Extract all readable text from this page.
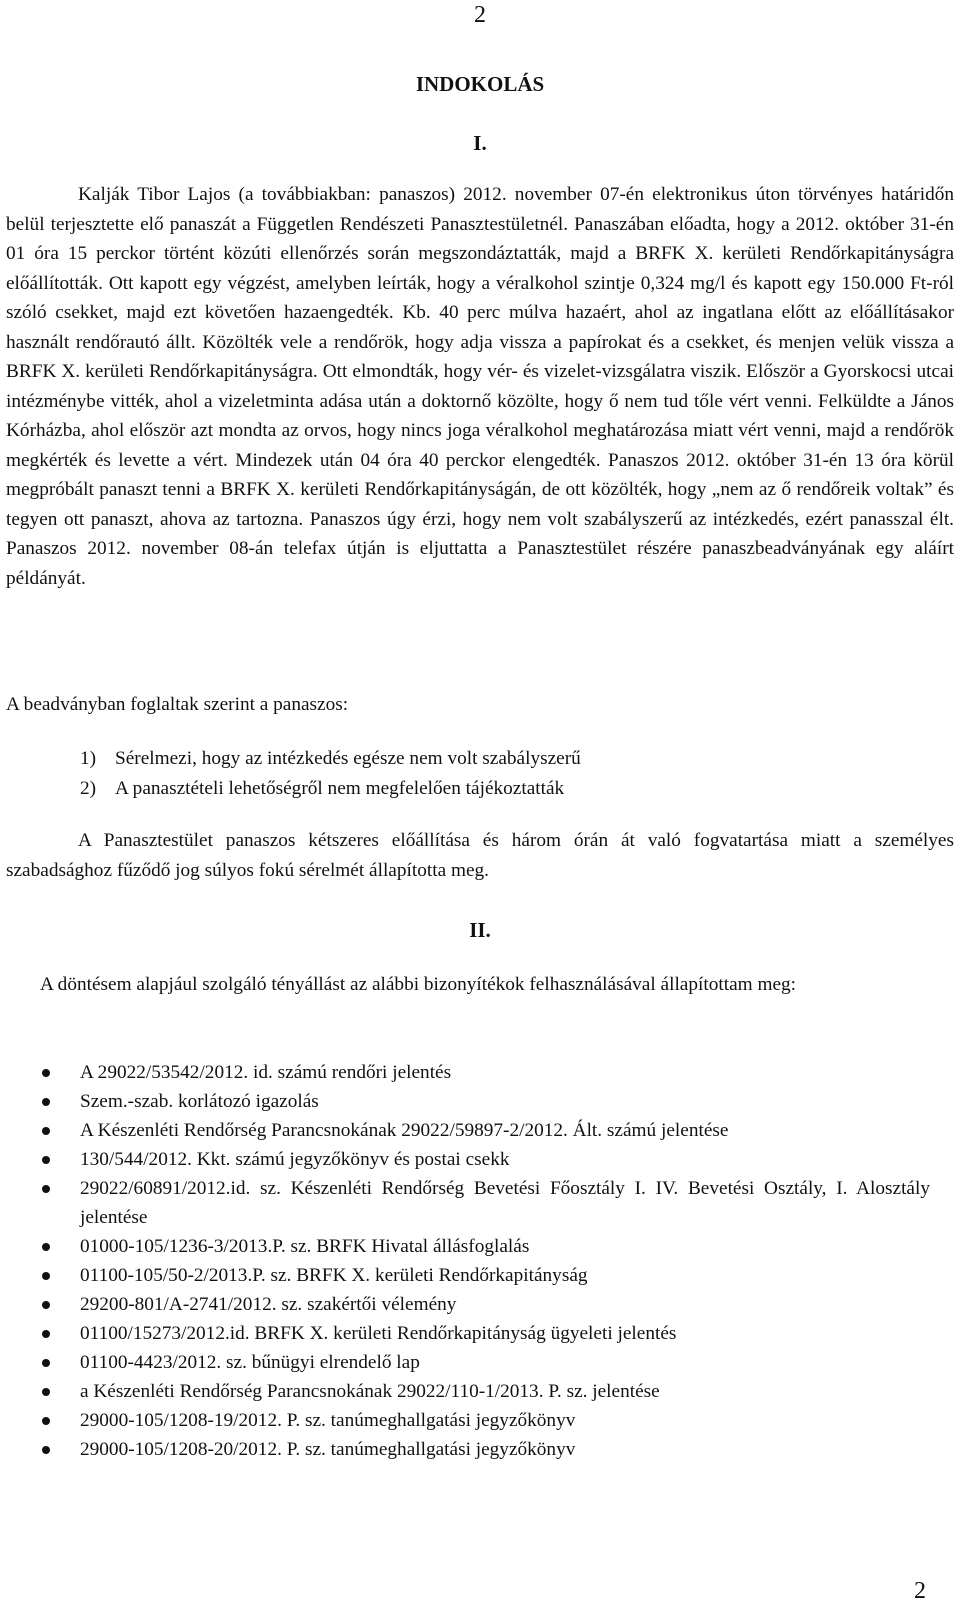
2
INDOKOLÁS
I.

Kalják Tibor Lajos (a továbbiakban: panaszos) 2012. november 07-én elektronikus úton törvényes határidőn belül terjesztette elő panaszát a Független Rendészeti Panasztestületnél. Panaszában előadta, hogy a 2012. október 31-én 01 óra 15 perckor történt közúti ellenőrzés során megszondáztatták, majd a BRFK X. kerületi Rendőrkapitányságra előállították. Ott kapott egy végzést, amelyben leírták, hogy a véralkohol szintje 0,324 mg/l és kapott egy 150.000 Ft-ról szóló csekket, majd ezt követően hazaengedték. Kb. 40 perc múlva hazaért, ahol az ingatlana előtt az előállításakor használt rendőrautó állt. Közölték vele a rendőrök, hogy adja vissza a papírokat és a csekket, és menjen velük vissza a BRFK X. kerületi Rendőrkapitányságra. Ott elmondták, hogy vér- és vizelet-vizsgálatra viszik. Először a Gyorskocsi utcai intézménybe vitték, ahol a vizeletminta adása után a doktornő közölte, hogy ő nem tud tőle vért venni. Felküldte a János Kórházba, ahol először azt mondta az orvos, hogy nincs joga véralkohol meghatározása miatt vért venni, majd a rendőrök megkérték és levette a vért. Mindezek után 04 óra 40 perckor elengedték. Panaszos 2012. október 31-én 13 óra körül megpróbált panaszt tenni a BRFK X. kerületi Rendőrkapitányságán, de ott közölték, hogy „nem az ő rendőreik voltak” és tegyen ott panaszt, ahova az tartozna. Panaszos úgy érzi, hogy nem volt szabályszerű az intézkedés, ezért panasszal élt. Panaszos 2012. november 08-án telefax útján is eljuttatta a Panasztestület részére panaszbeadványának egy aláírt példányát.

A beadványban foglaltak szerint a panaszos:

1) Sérelmezi, hogy az intézkedés egésze nem volt szabályszerű
2) A panasztételi lehetőségről nem megfelelően tájékoztatták

A Panasztestület panaszos kétszeres előállítása és három órán át való fogvatartása miatt a személyes szabadsághoz fűződő jog súlyos fokú sérelmét állapította meg.

II.

A döntésem alapjául szolgáló tényállást az alábbi bizonyítékok felhasználásával állapítottam meg:

A 29022/53542/2012. id. számú rendőri jelentés
Szem.-szab. korlátozó igazolás
A Készenléti Rendőrség Parancsnokának 29022/59897-2/2012. Ált. számú jelentése
130/544/2012. Kkt. számú jegyzőkönyv és postai csekk
29022/60891/2012.id. sz. Készenléti Rendőrség Bevetési Főosztály I. IV. Bevetési Osztály, I. Alosztály jelentése
01000-105/1236-3/2013.P. sz. BRFK Hivatal állásfoglalás
01100-105/50-2/2013.P. sz. BRFK X. kerületi Rendőrkapitányság
29200-801/A-2741/2012. sz. szakértői vélemény
01100/15273/2012.id. BRFK X. kerületi Rendőrkapitányság ügyeleti jelentés
01100-4423/2012. sz. bűnügyi elrendelő lap
a Készenléti Rendőrség Parancsnokának 29022/110-1/2013. P. sz. jelentése
29000-105/1208-19/2012. P. sz. tanúmeghallgatási jegyzőkönyv
29000-105/1208-20/2012. P. sz. tanúmeghallgatási jegyzőkönyv
2
